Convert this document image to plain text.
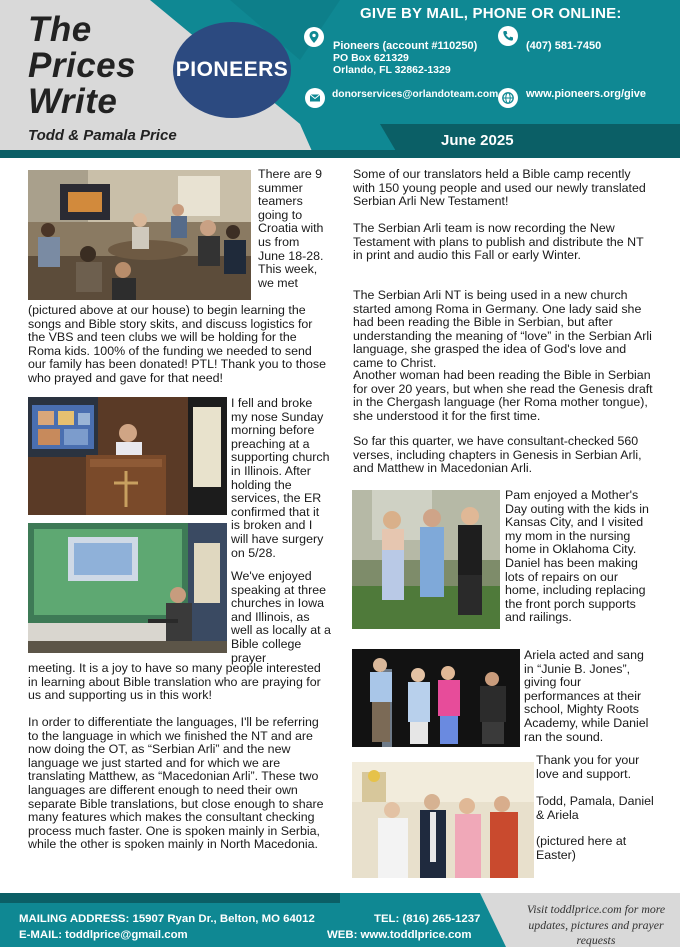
The
Prices
Write
Todd & Pamala Price
PIONEERS
GIVE BY MAIL, PHONE OR ONLINE:
Pioneers (account #110250)
PO Box 621329
Orlando, FL 32862-1329
(407) 581-7450
donorservices@orlandoteam.com	www.pioneers.org/give
June 2025
There are 9 summer teamers going to Croatia with us from June 18-28. This week, we met
(pictured above at our house) to begin learning the songs and Bible story skits, and discuss logistics for the VBS and teen clubs we will be holding for the Roma kids. 100% of the funding we needed to send our family has been donated! PTL! Thank you to those who prayed and gave for that need!
I fell and broke my nose Sunday morning before preaching at a supporting church in Illinois. After holding the services, the ER confirmed that it is broken and I will have surgery on 5/28.
We've enjoyed speaking at three churches in Iowa and Illinois, as well as locally at a Bible college prayer
meeting. It is a joy to have so many people interested in learning about Bible translation who are praying for us and supporting us in this work!
In order to differentiate the languages, I'll be referring to the language in which we finished the NT and are now doing the OT, as “Serbian Arli” and the new language we just started and for which we are translating Matthew, as “Macedonian Arli”. These two languages are different enough to need their own separate Bible translations, but close enough to share many features which makes the consultant checking process much faster. One is spoken mainly in Serbia, while the other is spoken mainly in North Macedonia.
Some of our translators held a Bible camp recently with 150 young people and used our newly translated Serbian Arli New Testament!
The Serbian Arli team is now recording the New Testament with plans to publish and distribute the NT in print and audio this Fall or early Winter.
The Serbian Arli NT is being used in a new church started among Roma in Germany. One lady said she had been reading the Bible in Serbian, but after understanding the meaning of “love” in the Serbian Arli language, she grasped the idea of God's love and came to Christ.
Another woman had been reading the Bible in Serbian for over 20 years, but when she read the Genesis draft in the Chergash language (her Roma mother tongue), she understood it for the first time.
So far this quarter, we have consultant-checked 560 verses, including chapters in Genesis in Serbian Arli, and Matthew in Macedonian Arli.
Pam enjoyed a Mother's Day outing with the kids in Kansas City, and I visited my mom in the nursing home in Oklahoma City. Daniel has been making lots of repairs on our home, including replacing the front porch supports and railings.
Ariela acted and sang in “Junie B. Jones”, giving four performances at their school, Mighty Roots Academy, while Daniel ran the sound.
Thank you for your love and support.
Todd, Pamala, Daniel & Ariela
(pictured here at Easter)
MAILING ADDRESS: 15907 Ryan Dr., Belton, MO 64012	TEL: (816) 265-1237
E-MAIL: toddlprice@gmail.com	WEB: www.toddlprice.com
Visit toddlprice.com for more updates, pictures and prayer requests
